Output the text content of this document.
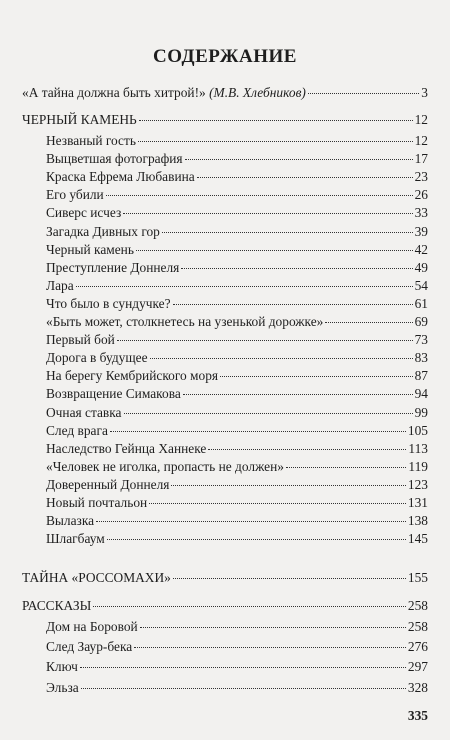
СОДЕРЖАНИЕ
«А тайна должна быть хитрой!» (М.В. Хлебников)	3
ЧЕРНЫЙ КАМЕНЬ	12
Незваный гость	12
Выцветшая фотография	17
Краска Ефрема Любавина	23
Его убили	26
Сиверс исчез	33
Загадка Дивных гор	39
Черный камень	42
Преступление Доннеля	49
Лара	54
Что было в сундучке?	61
«Быть может, столкнетесь на узенькой дорожке»	69
Первый бой	73
Дорога в будущее	83
На берегу Кембрийского моря	87
Возвращение Симакова	94
Очная ставка	99
След врага	105
Наследство Гейнца Ханнеке	113
«Человек не иголка, пропасть не должен»	119
Доверенный Доннеля	123
Новый почтальон	131
Вылазка	138
Шлагбаум	145
ТАЙНА «РОССОМАХИ»	155
РАССКАЗЫ	258
Дом на Боровой	258
След Заур-бека	276
Ключ	297
Эльза	328
335
